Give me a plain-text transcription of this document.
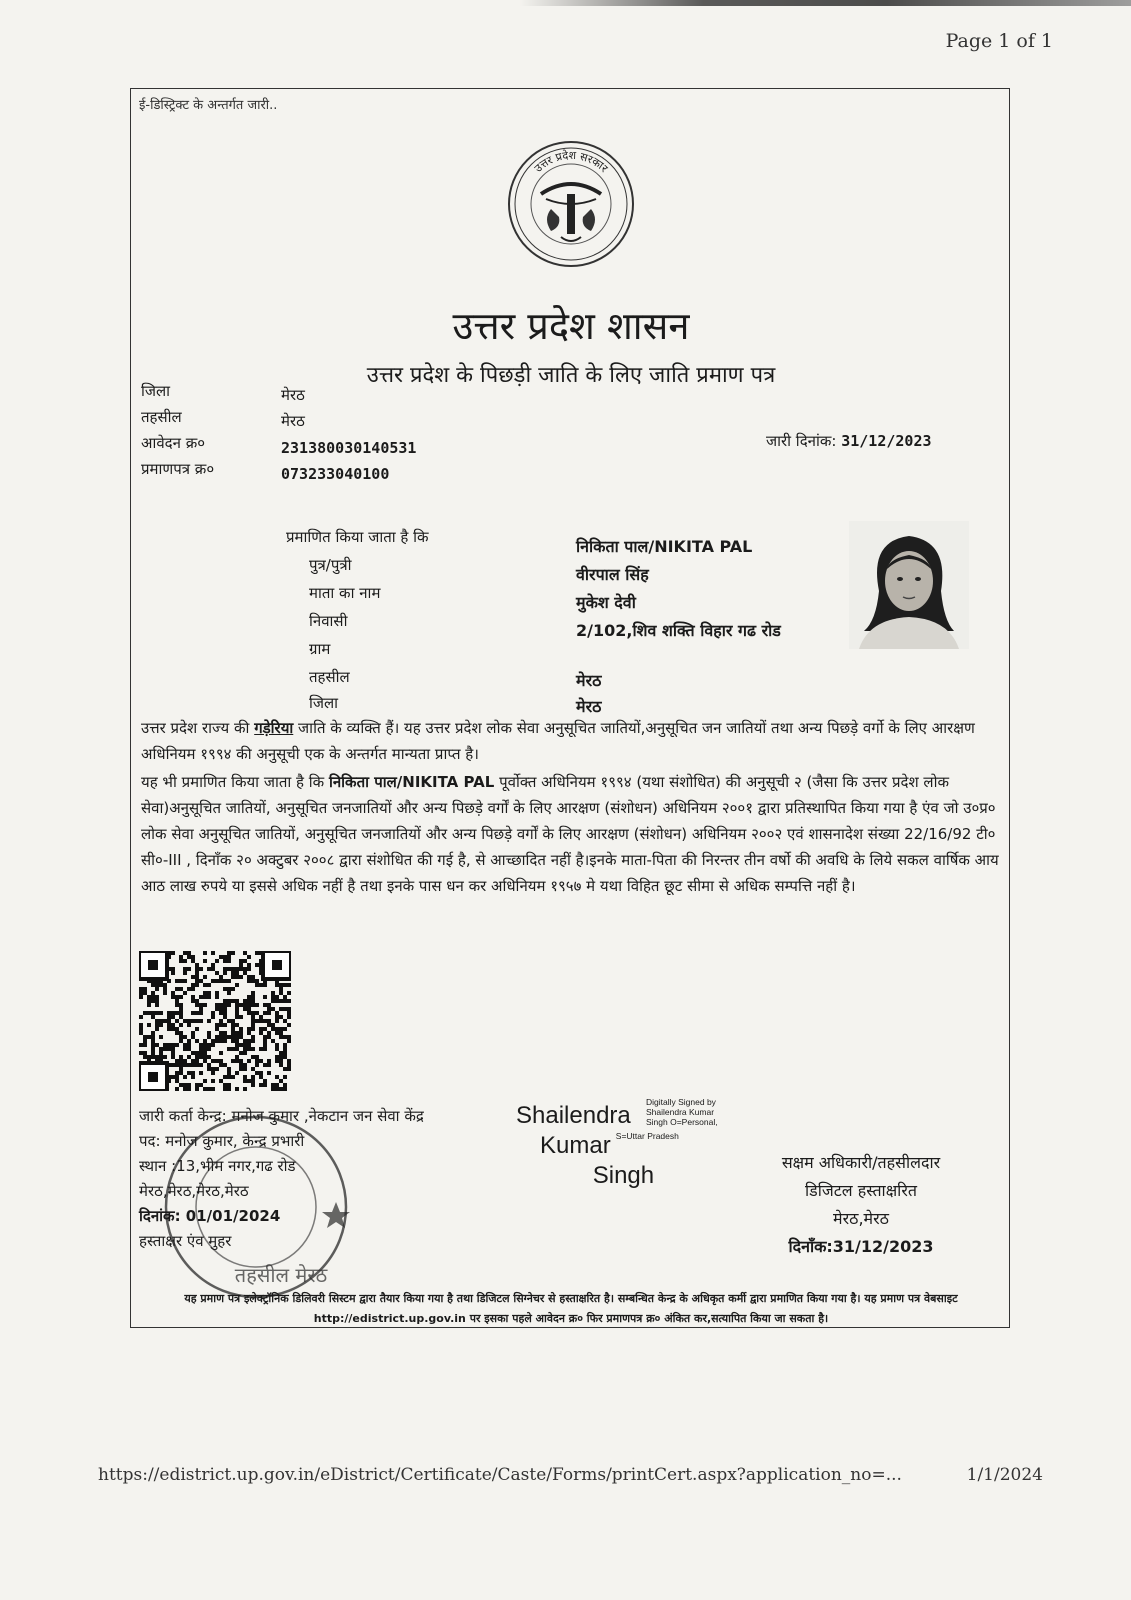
Page 1 of 1
ई-डिस्ट्रिक्ट के अन्तर्गत जारी..
उत्तर प्रदेश सरकार
उत्तर प्रदेश शासन
उत्तर प्रदेश के पिछड़ी जाति के लिए जाति प्रमाण पत्र
जिला	मेरठ
तहसील	मेरठ
आवेदन क्र०	231380030140531
प्रमाणपत्र क्र०	073233040100
जारी दिनांक: 31/12/2023
प्रमाणित किया जाता है कि	निकिता पाल/NIKITA PAL
पुत्र/पुत्री	वीरपाल सिंह
माता का नाम	मुकेश देवी
निवासी	2/102,शिव शक्ति विहार गढ रोड
ग्राम
तहसील	मेरठ
जिला	मेरठ
उत्तर प्रदेश राज्य की गड़ेरिया जाति के व्यक्ति हैं। यह उत्तर प्रदेश लोक सेवा अनुसूचित जातियों,अनुसूचित जन जातियों तथा अन्य पिछड़े वर्गो के लिए आरक्षण अधिनियम १९९४ की अनुसूची एक के अन्तर्गत मान्यता प्राप्त है।
यह भी प्रमाणित किया जाता है कि निकिता पाल/NIKITA PAL पूर्वोक्त अधिनियम १९९४ (यथा संशोधित) की अनुसूची २ (जैसा कि उत्तर प्रदेश लोक सेवा)अनुसूचित जातियों, अनुसूचित जनजातियों और अन्य पिछड़े वर्गों के लिए आरक्षण (संशोधन) अधिनियम २००१ द्वारा प्रतिस्थापित किया गया है एंव जो उ०प्र० लोक सेवा अनुसूचित जातियों, अनुसूचित जनजातियों और अन्य पिछड़े वर्गों के लिए आरक्षण (संशोधन) अधिनियम २००२ एवं शासनादेश संख्या 22/16/92 टी० सी०-III , दिनाँक २० अक्टुबर २००८ द्वारा संशोधित की गई है, से आच्छादित नहीं है।इनके माता-पिता की निरन्तर तीन वर्षो की अवधि के लिये सकल वार्षिक आय आठ लाख रुपये या इससे अधिक नहीं है तथा इनके पास धन कर अधिनियम १९५७ मे यथा विहित छूट सीमा से अधिक सम्पत्ति नहीं है।
तहसील मेरठ
जारी कर्ता केन्द्र: मनोज कुमार ,नेकटान जन सेवा केंद्र
पद: मनोज कुमार, केन्द्र प्रभारी
स्थान :13,भीम नगर,गढ रोड
मेरठ,मेरठ,मेरठ,मेरठ
दिनांक: 01/01/2024
हस्ताक्षर एंव मुहर
Shailendra Digitally Signed by
Shailendra Kumar
Singh O=Personal,
Kumar $^{S=Uttar Pradesh}$
Singh	सक्षम अधिकारी/तहसीलदार
डिजिटल हस्ताक्षरित
मेरठ,मेरठ
दिनाँक:31/12/2023
यह प्रमाण पत्र इलेक्ट्रॉनिक डिलिवरी सिस्टम द्वारा तैयार किया गया है तथा डिजिटल सिग्नेचर से हस्ताक्षरित है। सम्बन्धित केन्द्र के अधिकृत कर्मी द्वारा प्रमाणित किया गया है। यह प्रमाण पत्र वेबसाइट http://edistrict.up.gov.in पर इसका पहले आवेदन क्र० फिर प्रमाणपत्र क्र० अंकित कर,सत्यापित किया जा सकता है।
https://edistrict.up.gov.in/eDistrict/Certificate/Caste/Forms/printCert.aspx?application_no=...	1/1/2024
